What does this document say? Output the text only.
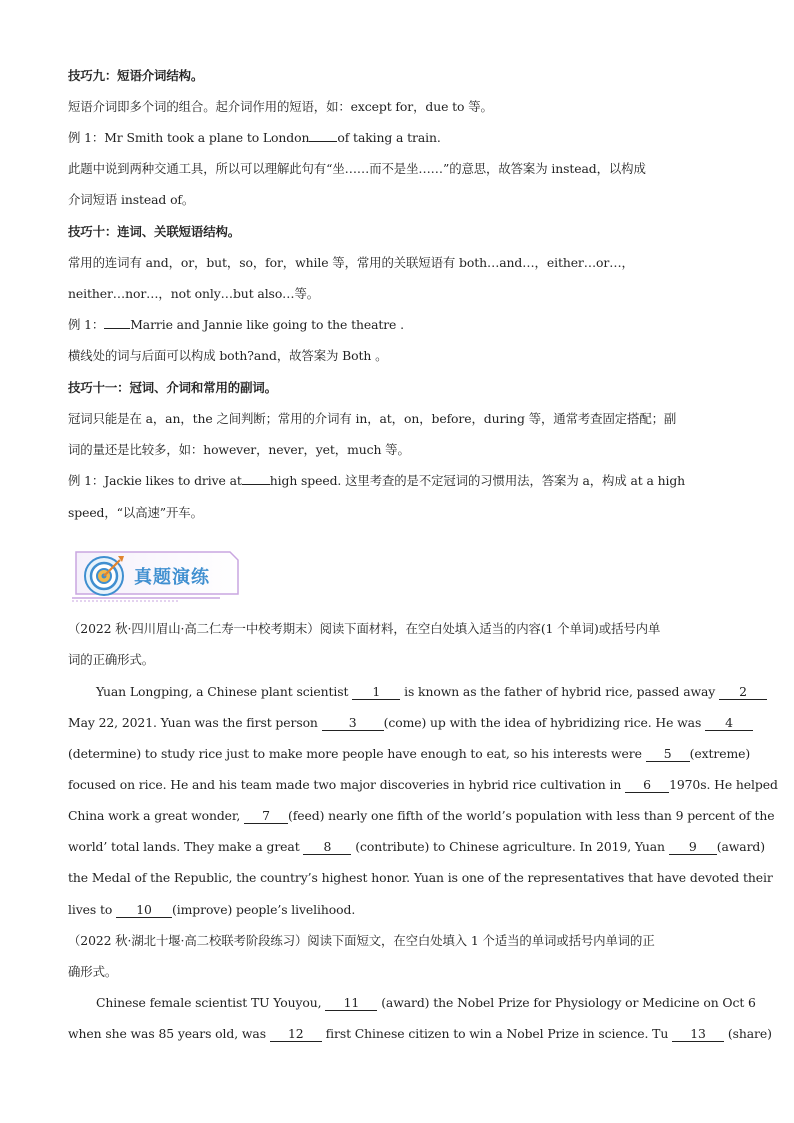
技巧九：短语介词结构。
短语介词即多个词的组合。起介词作用的短语，如：except for，due to 等。
例 1：Mr Smith took a plane to London of taking a train.
此题中说到两种交通工具，所以可以理解此句有“坐……而不是坐……”的意思，故答案为 instead，以构成
介词短语 instead of。
技巧十：连词、关联短语结构。
常用的连词有 and，or，but，so，for，while 等，常用的关联短语有 both…and…，either…or…，
neither…nor…，not only…but also…等。
例 1： Marrie and Jannie like going to the theatre .
横线处的词与后面可以构成 both?and，故答案为 Both 。
技巧十一：冠词、介词和常用的副词。
冠词只能是在 a，an，the 之间判断；常用的介词有 in，at，on，before，during 等，通常考查固定搭配；副
词的量还是比较多，如：however，never，yet，much 等。
例 1：Jackie likes to drive at high speed. 这里考查的是不定冠词的习惯用法，答案为 a，构成 at a high
speed，“以高速”开车。
真题演练
（2022 秋·四川眉山·高二仁寿一中校考期末）阅读下面材料，在空白处填入适当的内容(1 个单词)或括号内单
词的正确形式。
Yuan Longping, a Chinese plant scientist 1 is known as the father of hybrid rice, passed away 2
May 22, 2021. Yuan was the first person 3 (come) up with the idea of hybridizing rice. He was 4
(determine) to study rice just to make more people have enough to eat, so his interests were 5 (extreme)
focused on rice. He and his team made two major discoveries in hybrid rice cultivation in 6 1970s. He helped
China work a great wonder, 7 (feed) nearly one fifth of the world’s population with less than 9 percent of the
world’ total lands. They make a great 8 (contribute) to Chinese agriculture. In 2019, Yuan 9 (award)
the Medal of the Republic, the country’s highest honor. Yuan is one of the representatives that have devoted their
lives to 10 (improve) people’s livelihood.
（2022 秋·湖北十堰·高二校联考阶段练习）阅读下面短文，在空白处填入 1 个适当的单词或括号内单词的正
确形式。
Chinese female scientist TU Youyou, 11 (award) the Nobel Prize for Physiology or Medicine on Oct 6
when she was 85 years old, was 12 first Chinese citizen to win a Nobel Prize in science. Tu 13 (share)
